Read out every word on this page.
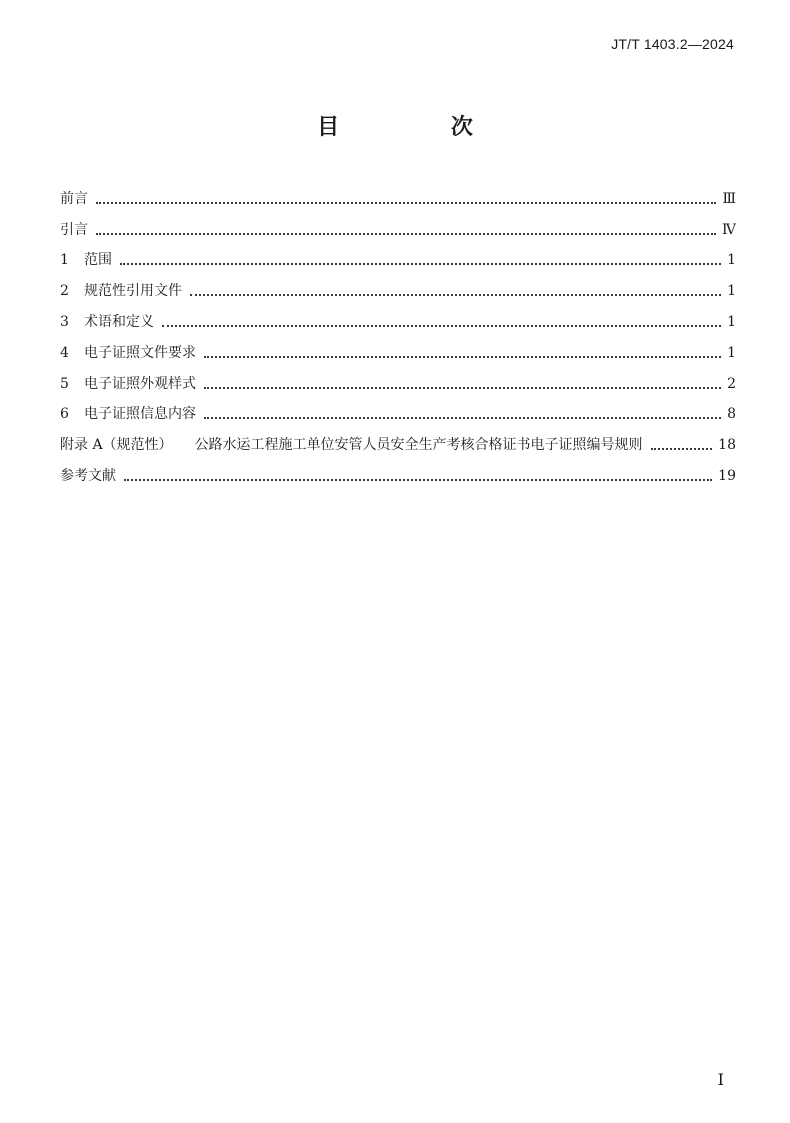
JT/T 1403.2—2024
目 次
前言	Ⅲ
引言	Ⅳ
1	范围	1
2	规范性引用文件	1
3	术语和定义	1
4	电子证照文件要求	1
5	电子证照外观样式	2
6	电子证照信息内容	8
附录 A（规范性） 公路水运工程施工单位安管人员安全生产考核合格证书电子证照编号规则	18
参考文献	19
Ⅰ
